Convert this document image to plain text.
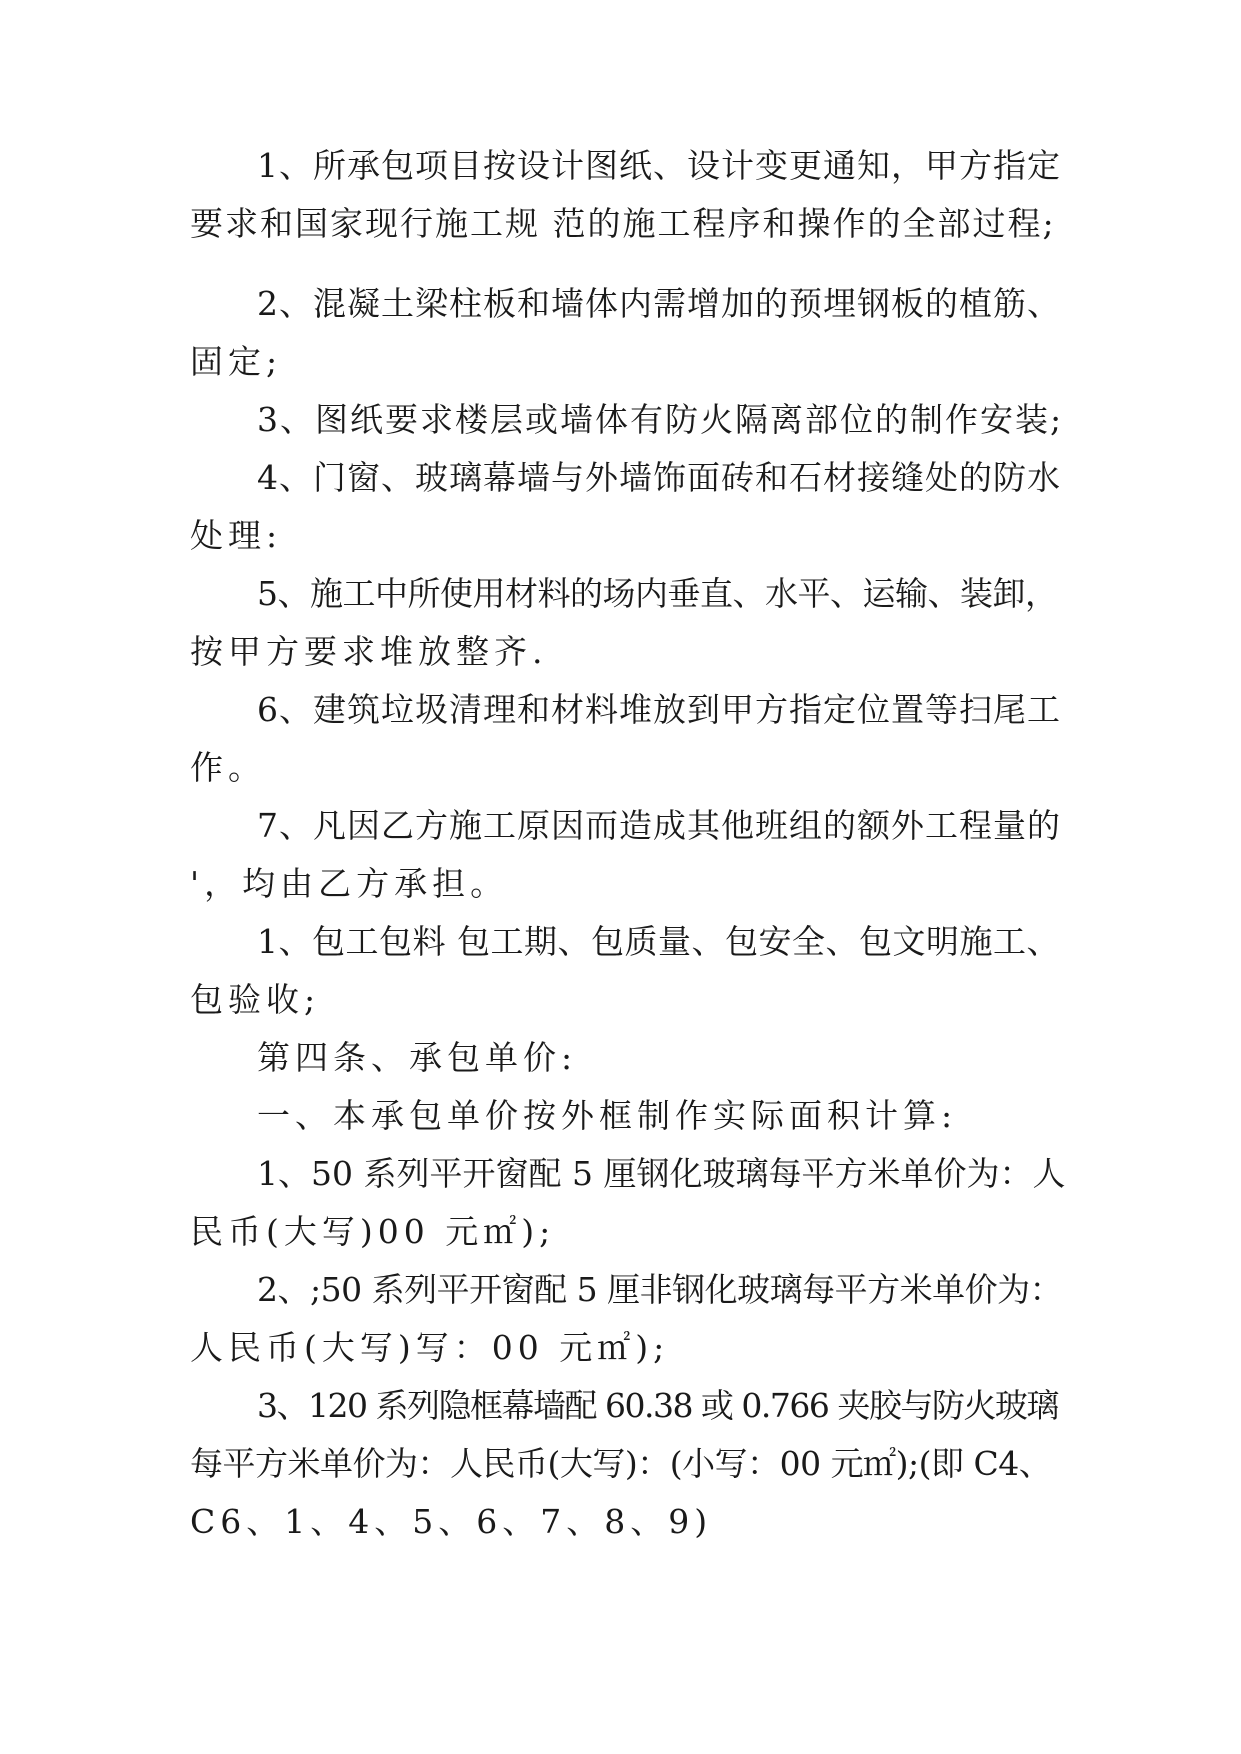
1、所承包项目按设计图纸、设计变更通知，甲方指定
要求和国家现行施工规 范的施工程序和操作的全部过程;
2、混凝土梁柱板和墙体内需增加的预埋钢板的植筋、
固定;
3、图纸要求楼层或墙体有防火隔离部位的制作安装;
4、门窗、玻璃幕墙与外墙饰面砖和石材接缝处的防水
处理:
5、施工中所使用材料的场内垂直、水平、运输、装卸，
按甲方要求堆放整齐.
6、建筑垃圾清理和材料堆放到甲方指定位置等扫尾工
作。
7、凡因乙方施工原因而造成其他班组的额外工程量的
'，均由乙方承担。
1、包工包料 包工期、包质量、包安全、包文明施工、
包验收;
第四条、承包单价:
一、本承包单价按外框制作实际面积计算:
1、50 系列平开窗配 5 厘钢化玻璃每平方米单价为：人
民币(大写)00 元㎡);
2、;50 系列平开窗配 5 厘非钢化玻璃每平方米单价为：
人民币(大写)写：00 元㎡);
3、120 系列隐框幕墙配 60.38 或 0.766 夹胶与防火玻璃
每平方米单价为：人民币(大写)：(小写：00 元㎡);(即 C4、
C6、1、4、5、6、7、8、9)
